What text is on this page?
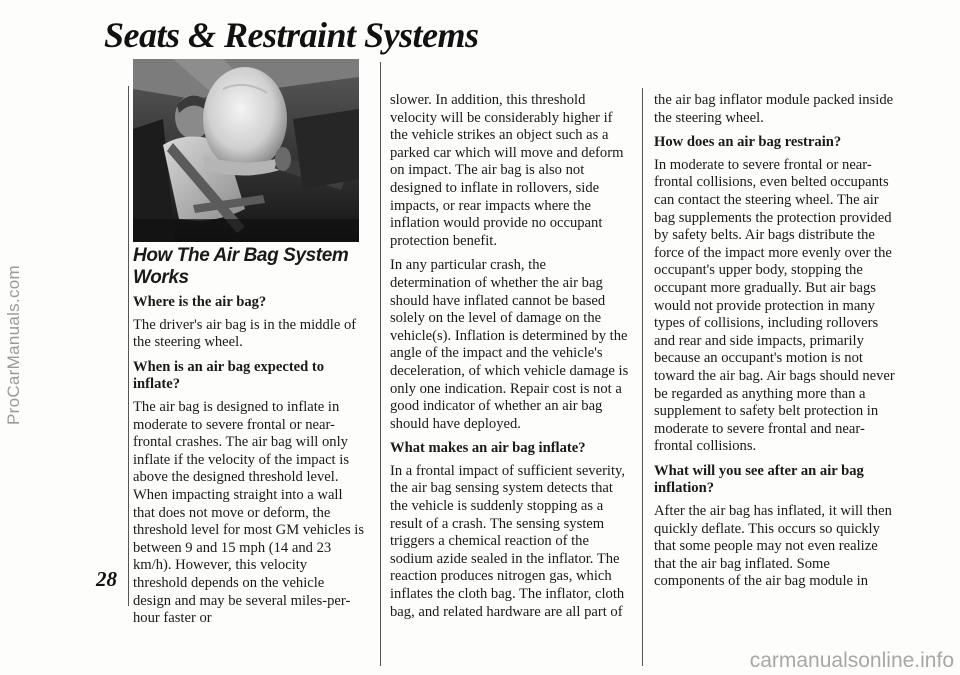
ProCarManuals.com
carmanualsonline.info
Seats & Restraint Systems
28
How The Air Bag System Works
Where is the air bag?

The driver's air bag is in the middle of the steering wheel.

When is an air bag expected to inflate?

The air bag is designed to inflate in moderate to severe frontal or near-frontal crashes. The air bag will only inflate if the velocity of the impact is above the designed threshold level. When impacting straight into a wall that does not move or deform, the threshold level for most GM vehicles is between 9 and 15 mph (14 and 23 km/h). However, this velocity threshold depends on the vehicle design and may be several miles-per-hour faster or

slower. In addition, this threshold velocity will be considerably higher if the vehicle strikes an object such as a parked car which will move and deform on impact. The air bag is also not designed to inflate in rollovers, side impacts, or rear impacts where the inflation would provide no occupant protection benefit.

In any particular crash, the determination of whether the air bag should have inflated cannot be based solely on the level of damage on the vehicle(s). Inflation is determined by the angle of the impact and the vehicle's deceleration, of which vehicle damage is only one indication. Repair cost is not a good indicator of whether an air bag should have deployed.

What makes an air bag inflate?

In a frontal impact of sufficient severity, the air bag sensing system detects that the vehicle is suddenly stopping as a result of a crash. The sensing system triggers a chemical reaction of the sodium azide sealed in the inflator. The reaction produces nitrogen gas, which inflates the cloth bag. The inflator, cloth bag, and related hardware are all part of

the air bag inflator module packed inside the steering wheel.

How does an air bag restrain?

In moderate to severe frontal or near-frontal collisions, even belted occupants can contact the steering wheel. The air bag supplements the protection provided by safety belts. Air bags distribute the force of the impact more evenly over the occupant's upper body, stopping the occupant more gradually. But air bags would not provide protection in many types of collisions, including rollovers and rear and side impacts, primarily because an occupant's motion is not toward the air bag. Air bags should never be regarded as anything more than a supplement to safety belt protection in moderate to severe frontal and near-frontal collisions.

What will you see after an air bag inflation?

After the air bag has inflated, it will then quickly deflate. This occurs so quickly that some people may not even realize that the air bag inflated. Some components of the air bag module in
